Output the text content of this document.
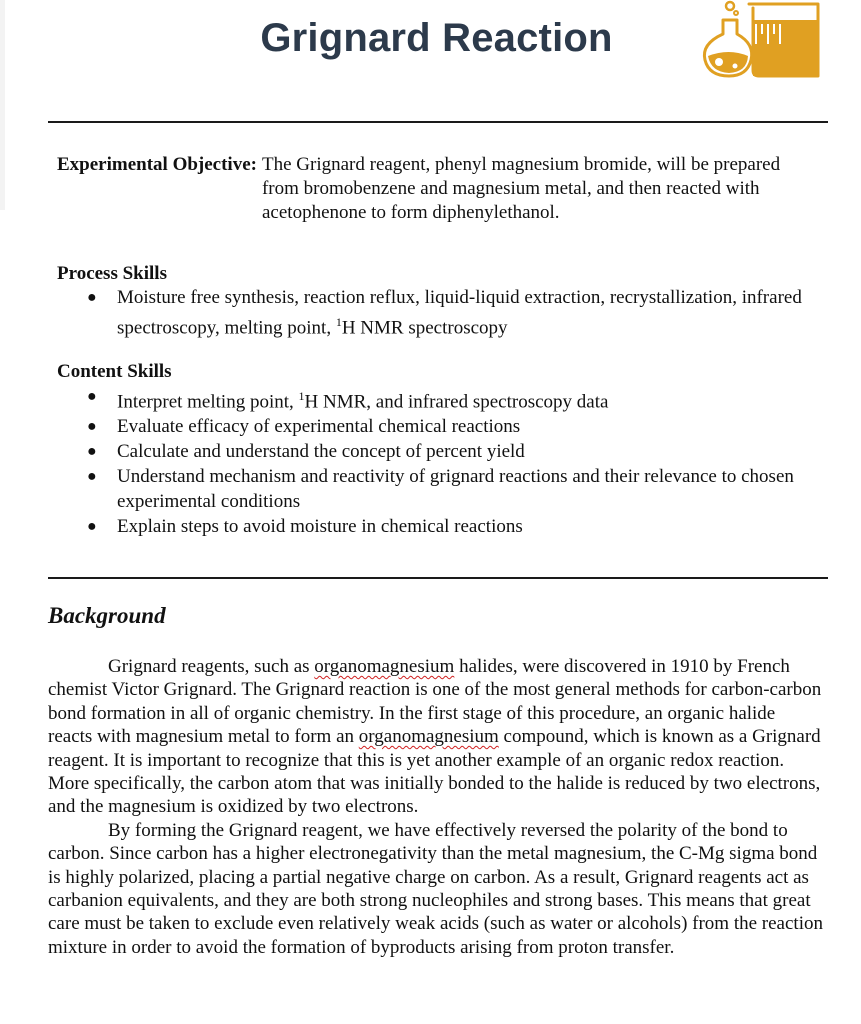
Grignard Reaction
Experimental Objective: The Grignard reagent, phenyl magnesium bromide, will be prepared from bromobenzene and magnesium metal, and then reacted with acetophenone to form diphenylethanol.
Process Skills
● Moisture free synthesis, reaction reflux, liquid-liquid extraction, recrystallization, infrared spectroscopy, melting point, $^1$H NMR spectroscopy
Content Skills
● Interpret melting point, $^1$H NMR, and infrared spectroscopy data
● Evaluate efficacy of experimental chemical reactions
● Calculate and understand the concept of percent yield
● Understand mechanism and reactivity of grignard reactions and their relevance to chosen experimental conditions
● Explain steps to avoid moisture in chemical reactions
Background

Grignard reagents, such as organomagnesium halides, were discovered in 1910 by French chemist Victor Grignard. The Grignard reaction is one of the most general methods for carbon-carbon bond formation in all of organic chemistry. In the first stage of this procedure, an organic halide reacts with magnesium metal to form an organomagnesium compound, which is known as a Grignard reagent. It is important to recognize that this is yet another example of an organic redox reaction. More specifically, the carbon atom that was initially bonded to the halide is reduced by two electrons, and the magnesium is oxidized by two electrons.

By forming the Grignard reagent, we have effectively reversed the polarity of the bond to carbon. Since carbon has a higher electronegativity than the metal magnesium, the C-Mg sigma bond is highly polarized, placing a partial negative charge on carbon. As a result, Grignard reagents act as carbanion equivalents, and they are both strong nucleophiles and strong bases. This means that great care must be taken to exclude even relatively weak acids (such as water or alcohols) from the reaction mixture in order to avoid the formation of byproducts arising from proton transfer.
